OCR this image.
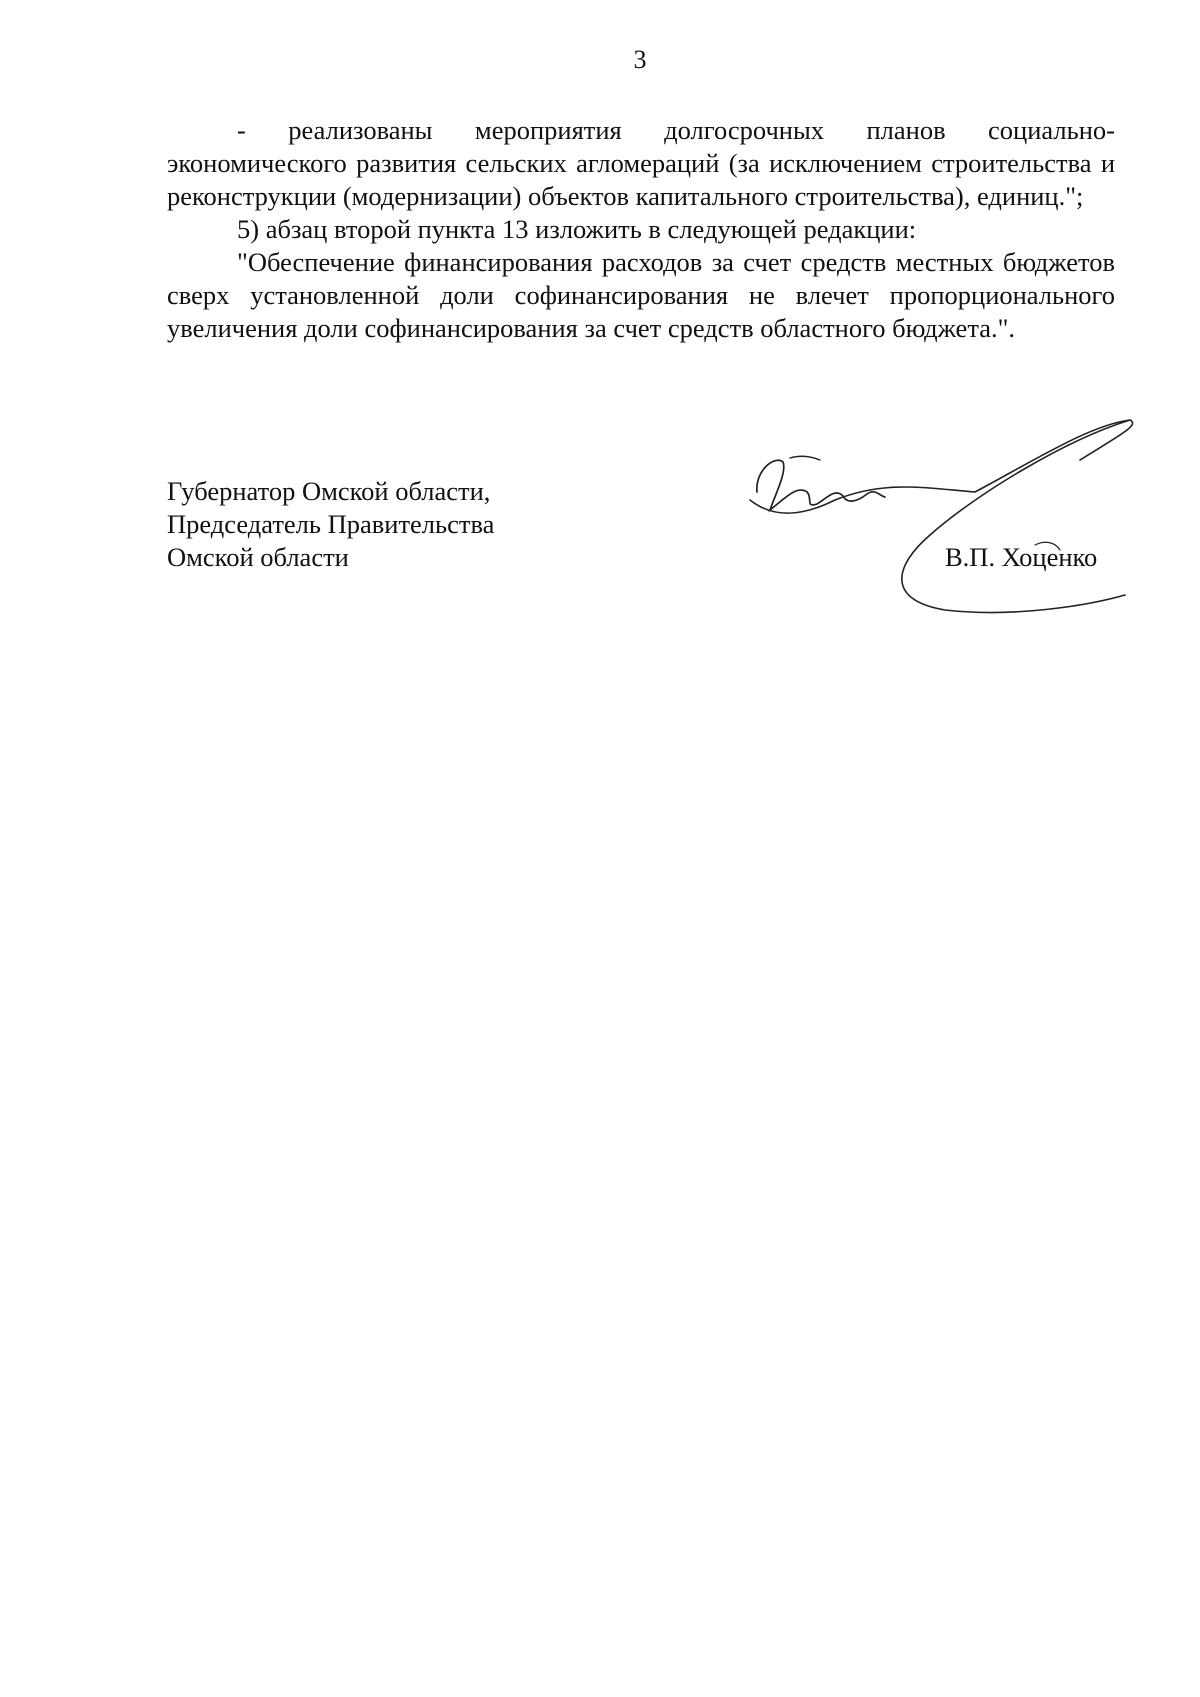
3

- реализованы мероприятия долгосрочных планов социально-экономического развития сельских агломераций (за исключением строительства и реконструкции (модернизации) объектов капитального строительства), единиц.";

5) абзац второй пункта 13 изложить в следующей редакции:

"Обеспечение финансирования расходов за счет средств местных бюджетов сверх установленной доли софинансирования не влечет пропорционального увеличения доли софинансирования за счет средств областного бюджета.".

Губернатор Омской области,
Председатель Правительства
Омской области	В.П. Хоценко
